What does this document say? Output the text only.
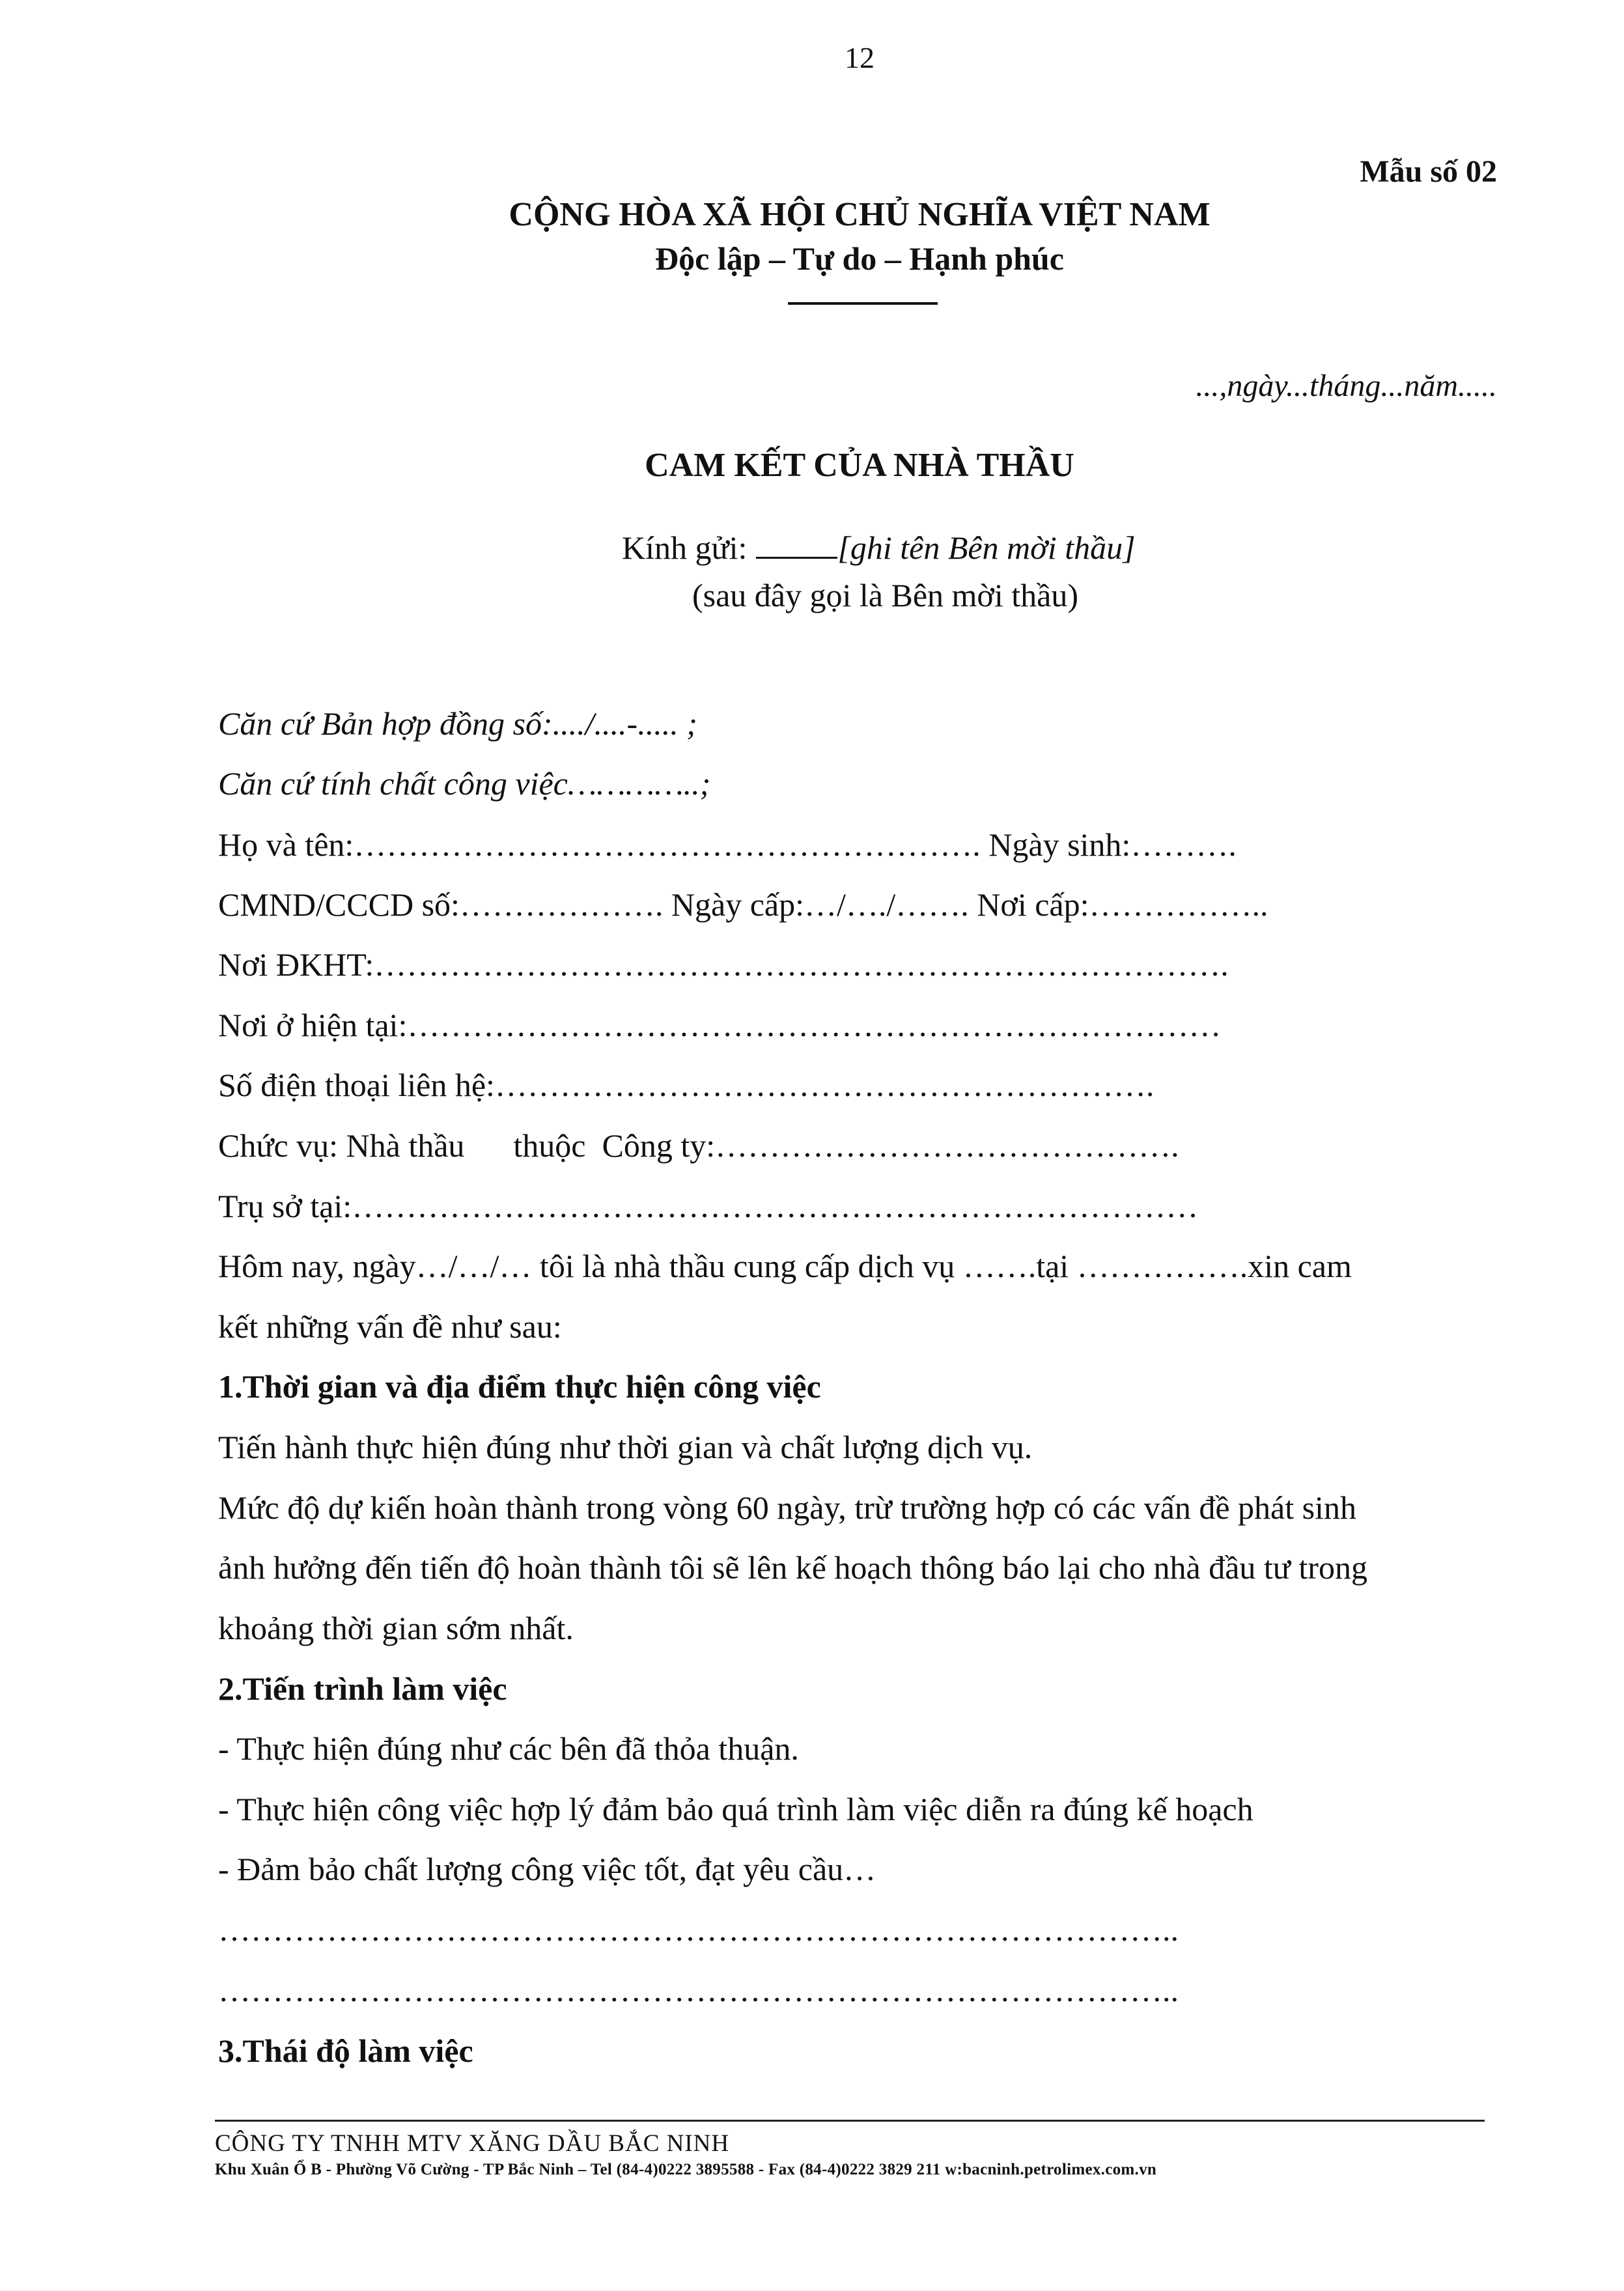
12
Mẫu số 02
CỘNG HÒA XÃ HỘI CHỦ NGHĨA VIỆT NAM
Độc lập – Tự do – Hạnh phúc
...,ngày...tháng...năm.....
CAM KẾT CỦA NHÀ THẦU
Kính gửi:	[ghi tên Bên mời thầu]
(sau đây gọi là Bên mời thầu)
Căn cứ Bản hợp đồng số:..../....-..... ;
Căn cứ tính chất công việc…………..;
Họ và tên:…………………………………………………. Ngày sinh:……….
CMND/CCCD số:………………. Ngày cấp:…/…./……. Nơi cấp:……………..
Nơi ĐKHT:…………………………………………………………………….
Nơi ở hiện tại:…………………………………………………………………
Số điện thoại liên hệ:…………………………………………………….
Chức vụ: Nhà thầu      thuộc  Công ty:…………………………………….
Trụ sở tại:……………………………………………………………………
Hôm nay, ngày…/…/… tôi là nhà thầu cung cấp dịch vụ …….tại …………….xin cam
kết những vấn đề như sau:
1.Thời gian và địa điểm thực hiện công việc
Tiến hành thực hiện đúng như thời gian và chất lượng dịch vụ.
Mức độ dự kiến hoàn thành trong vòng 60 ngày, trừ trường hợp có các vấn đề phát sinh
ảnh hưởng đến tiến độ hoàn thành tôi sẽ lên kế hoạch thông báo lại cho nhà đầu tư trong
khoảng thời gian sớm nhất.
2.Tiến trình làm việc
- Thực hiện đúng như các bên đã thỏa thuận.
- Thực hiện công việc hợp lý đảm bảo quá trình làm việc diễn ra đúng kế hoạch
- Đảm bảo chất lượng công việc tốt, đạt yêu cầu…
……………………………………………………………………………..
……………………………………………………………………………..
3.Thái độ làm việc
CÔNG TY TNHH MTV XĂNG DẦU BẮC NINH
Khu Xuân Ổ B - Phường Võ Cường - TP Bắc Ninh – Tel (84-4)0222 3895588 - Fax (84-4)0222 3829 211 w:bacninh.petrolimex.com.vn
